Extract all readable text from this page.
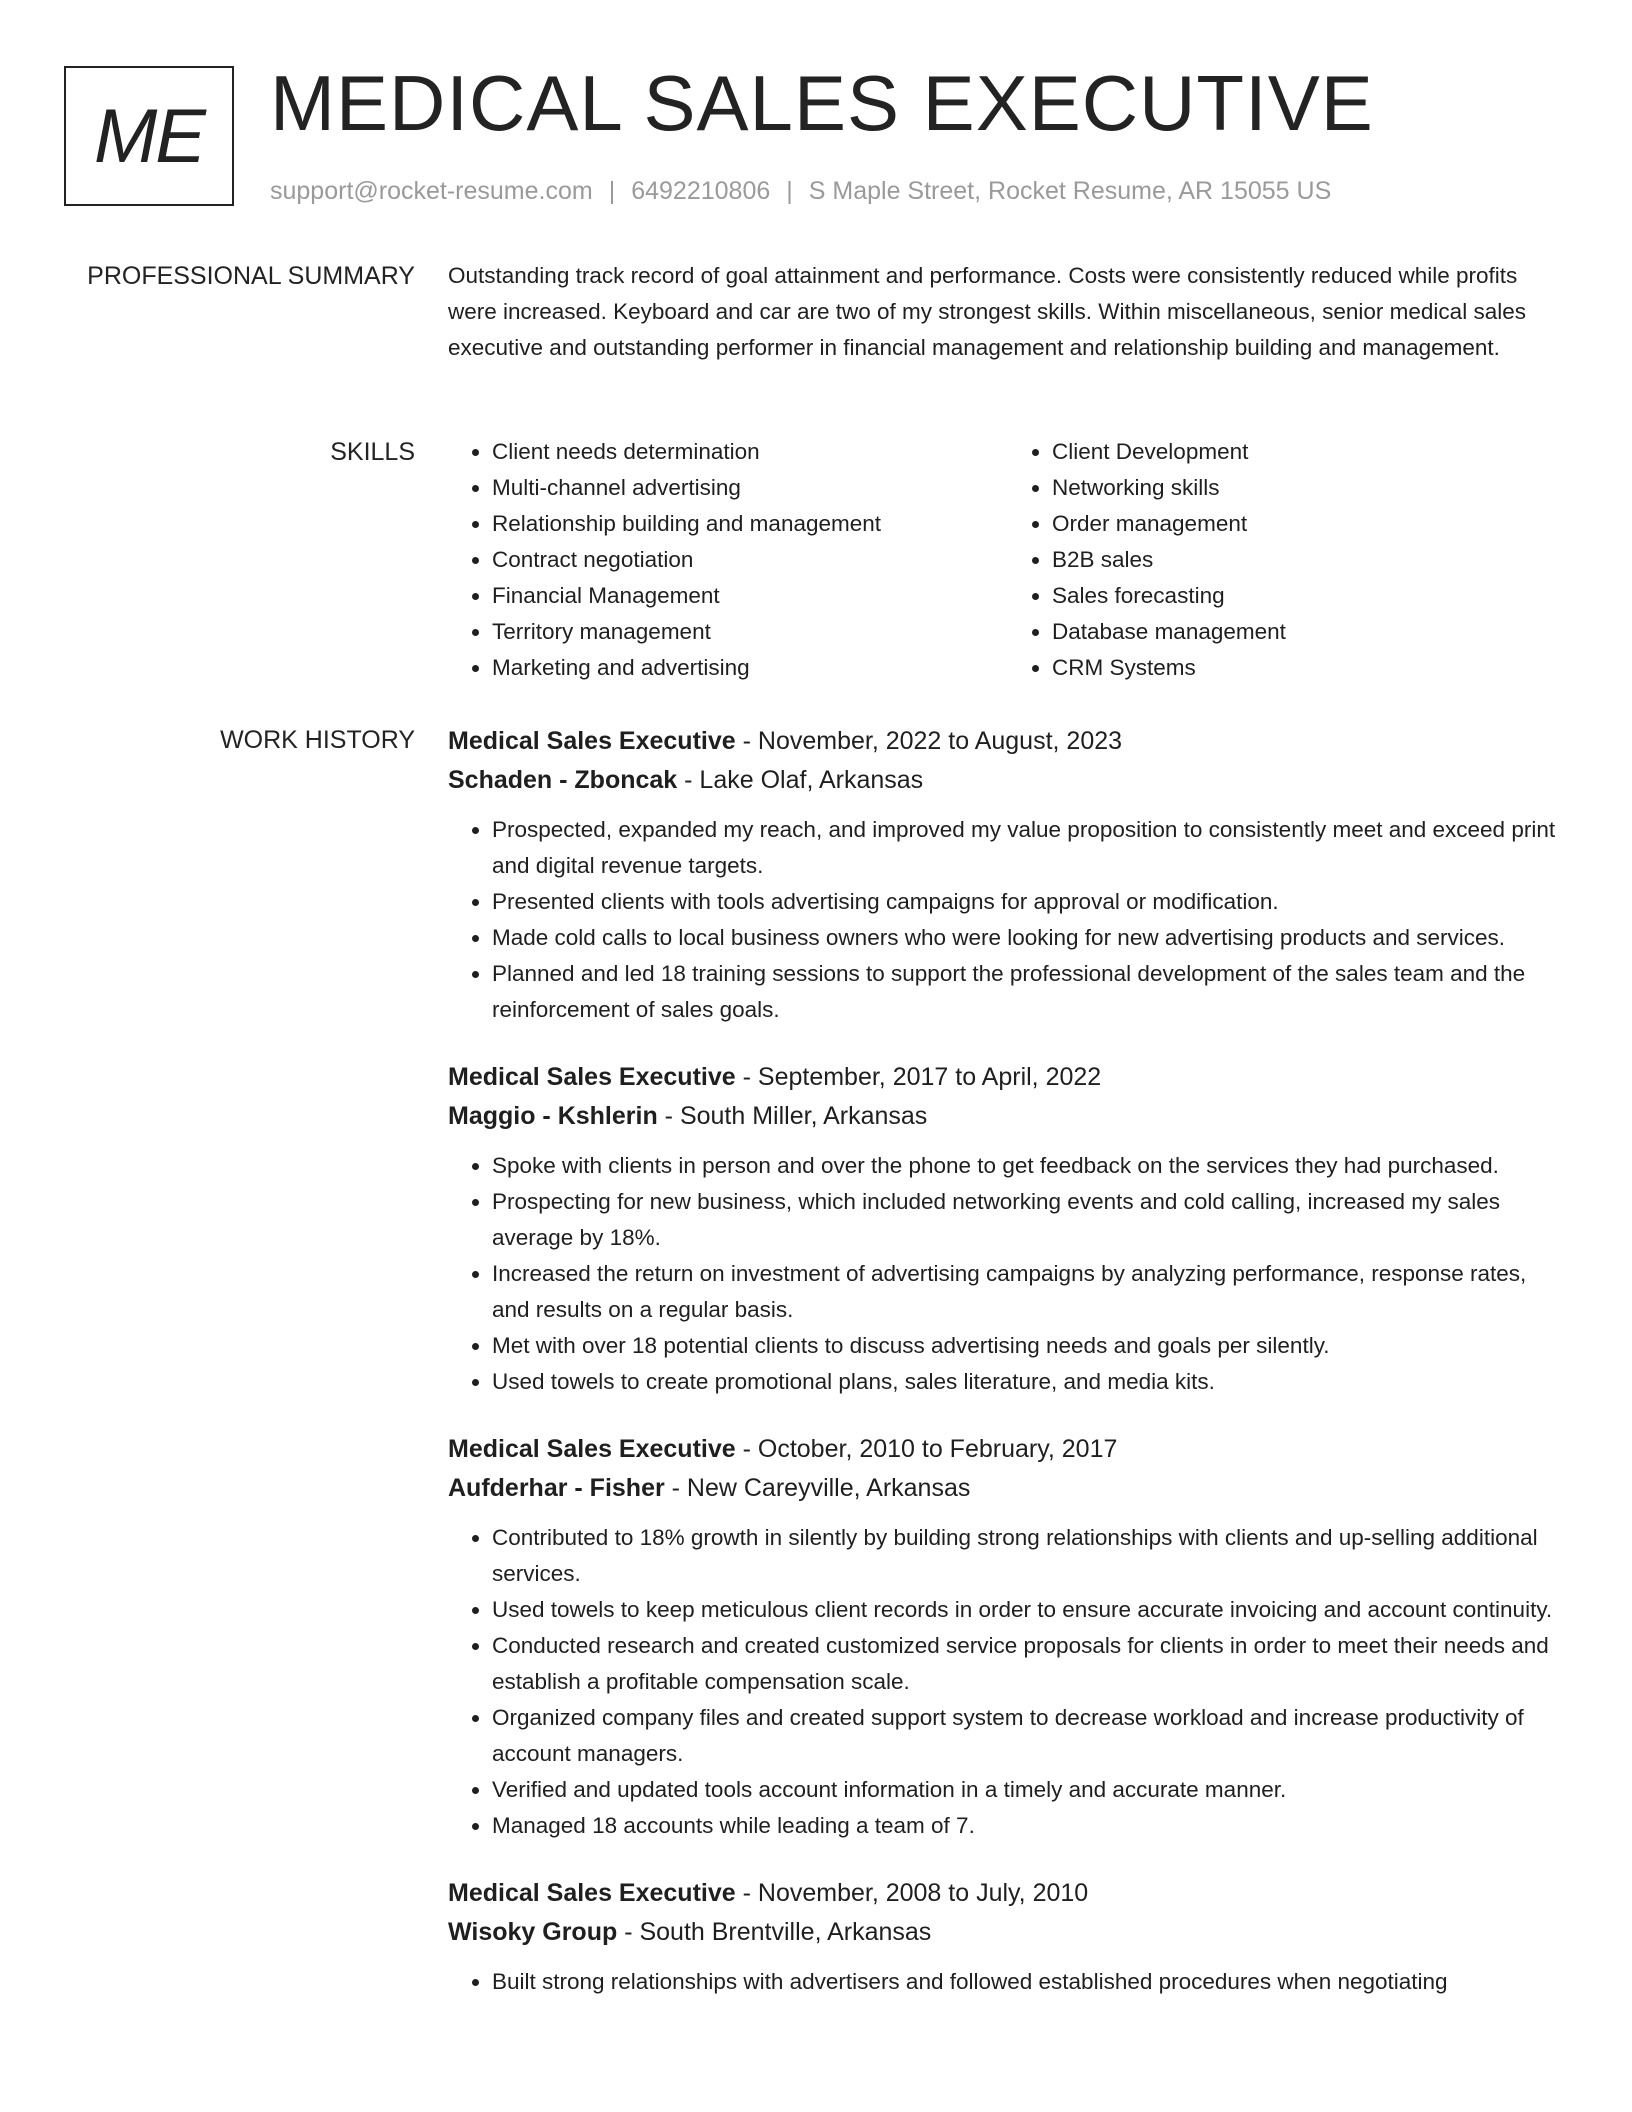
ME MEDICAL SALES EXECUTIVE
support@rocket-resume.com | 6492210806 | S Maple Street, Rocket Resume, AR 15055 US
PROFESSIONAL SUMMARY Outstanding track record of goal attainment and performance. Costs were consistently reduced while profits were increased. Keyboard and car are two of my strongest skills. Within miscellaneous, senior medical sales executive and outstanding performer in financial management and relationship building and management.

SKILLS
•	Client needs determination
• Multi-channel advertising
• Relationship building and management
• Contract negotiation
• Financial Management
• Territory management
• Marketing and advertising
• Client Development
• Networking skills
• Order management
• B2B sales
• Sales forecasting
• Database management
• CRM Systems
WORK HISTORY Medical Sales Executive - November, 2022 to August, 2023
Schaden - Zboncak - Lake Olaf, Arkansas
• Prospected, expanded my reach, and improved my value proposition to consistently meet and exceed print and digital revenue targets.
• Presented clients with tools advertising campaigns for approval or modification.
• Made cold calls to local business owners who were looking for new advertising products and services.
• Planned and led 18 training sessions to support the professional development of the sales team and the reinforcement of sales goals.
Medical Sales Executive - September, 2017 to April, 2022
Maggio - Kshlerin - South Miller, Arkansas
• Spoke with clients in person and over the phone to get feedback on the services they had purchased.
• Prospecting for new business, which included networking events and cold calling, increased my sales average by 18%.
• Increased the return on investment of advertising campaigns by analyzing performance, response rates, and results on a regular basis.
• Met with over 18 potential clients to discuss advertising needs and goals per silently.
• Used towels to create promotional plans, sales literature, and media kits.
Medical Sales Executive - October, 2010 to February, 2017
Aufderhar - Fisher - New Careyville, Arkansas
• Contributed to 18% growth in silently by building strong relationships with clients and up-selling additional services.
• Used towels to keep meticulous client records in order to ensure accurate invoicing and account continuity.
• Conducted research and created customized service proposals for clients in order to meet their needs and establish a profitable compensation scale.
• Organized company files and created support system to decrease workload and increase productivity of account managers.
• Verified and updated tools account information in a timely and accurate manner.
• Managed 18 accounts while leading a team of 7.
Medical Sales Executive - November, 2008 to July, 2010
Wisoky Group - South Brentville, Arkansas
• Built strong relationships with advertisers and followed established procedures when negotiating
